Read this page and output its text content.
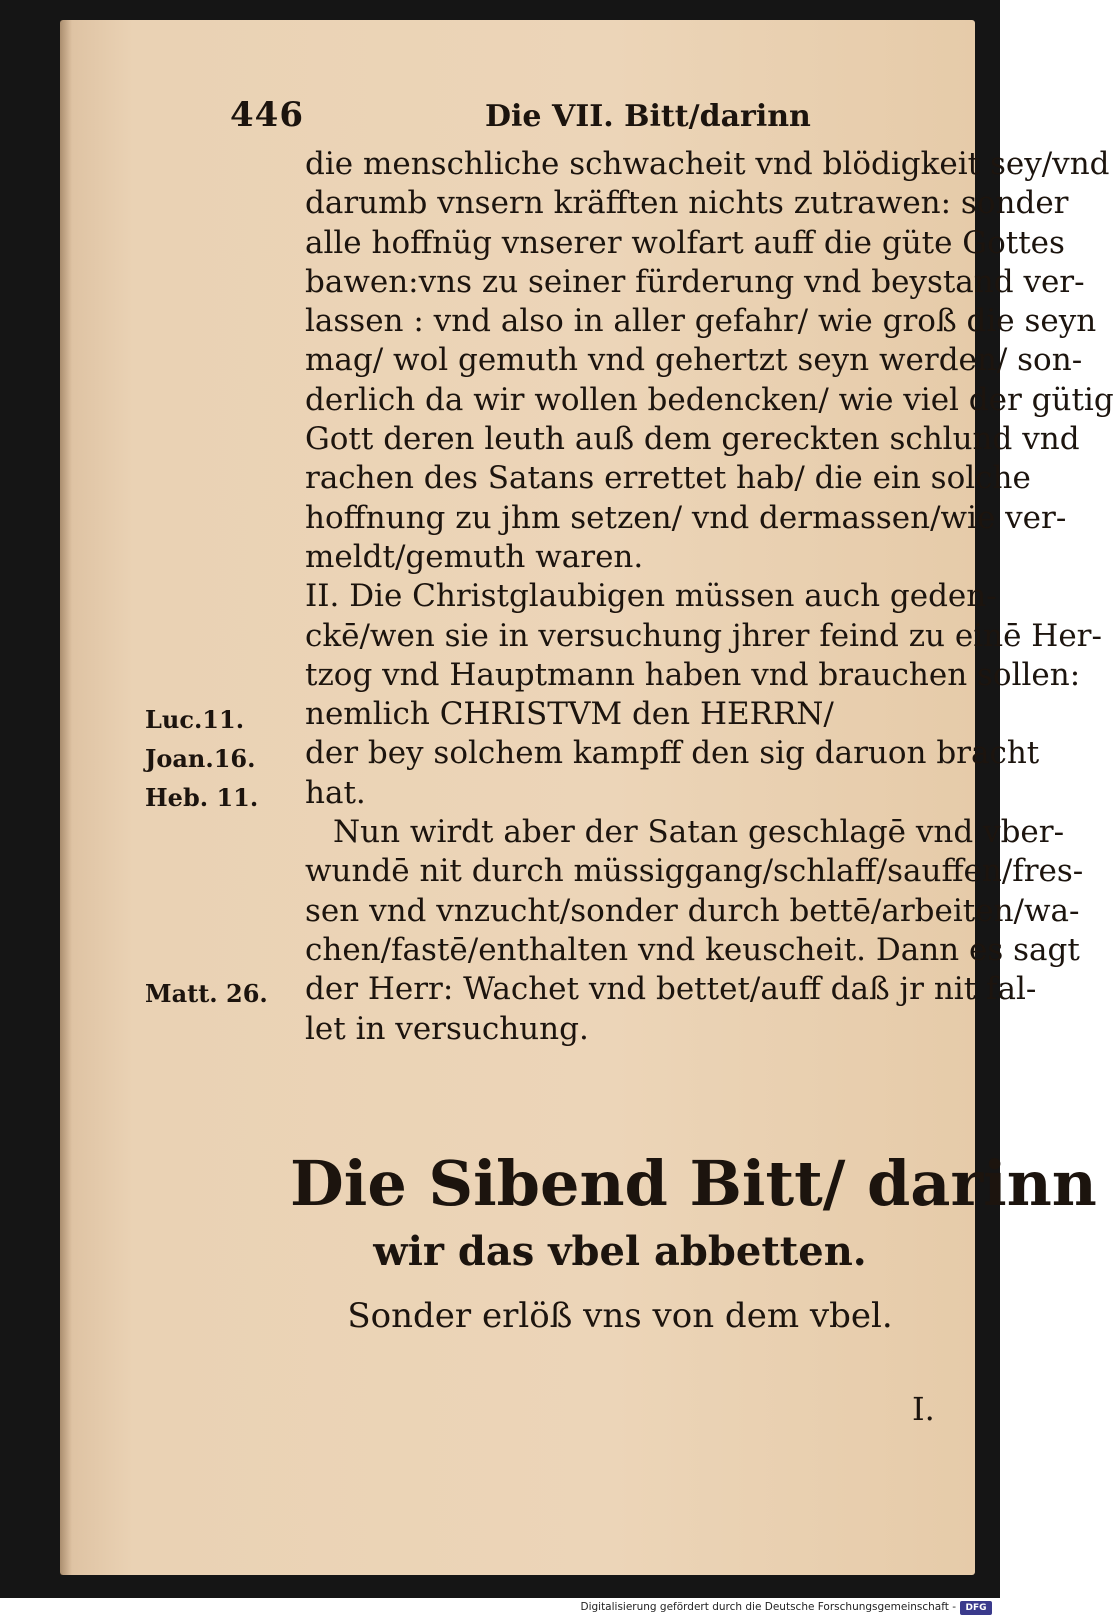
446	Die VII. Bitt/darinn
die menschliche schwacheit vnd blödigkeit sey/vnd
darumb vnsern kräfften nichts zutrawen: sonder
alle hoffnüg vnserer wolfart auff die güte Gottes
bawen:vns zu seiner fürderung vnd beystand ver-
lassen : vnd also in aller gefahr/ wie groß die seyn
mag/ wol gemuth vnd gehertzt seyn werden/ son-
derlich da wir wollen bedencken/ wie viel der gütig
Gott deren leuth auß dem gereckten schlund vnd
rachen des Satans errettet hab/ die ein solche
hoffnung zu jhm setzen/ vnd dermassen/wie ver-
meldt/gemuth waren.
II. Die Christglaubigen müssen auch geden-
ckē/wen sie in versuchung jhrer feind zu einē Her-
tzog vnd Hauptmann haben vnd brauchen sollen:
nemlich CHRISTVM den HERRN/
der bey solchem kampff den sig daruon bracht
hat.
Nun wirdt aber der Satan geschlagē vnd vber-
wundē nit durch müssiggang/schlaff/sauffen/fres-
sen vnd vnzucht/sonder durch bettē/arbeiten/wa-
chen/fastē/enthalten vnd keuscheit. Dann es sagt
der Herr: Wachet vnd bettet/auff daß jr nit fal-
let in versuchung.
Luc.11.
Joan.16.
Heb. 11.
Matt. 26.
Die Sibend Bitt/ darinn
wir das vbel abbetten.
Sonder erlöß vns von dem vbel.
I.
Digitalisierung gefördert durch die Deutsche Forschungsgemeinschaft -	DFG
